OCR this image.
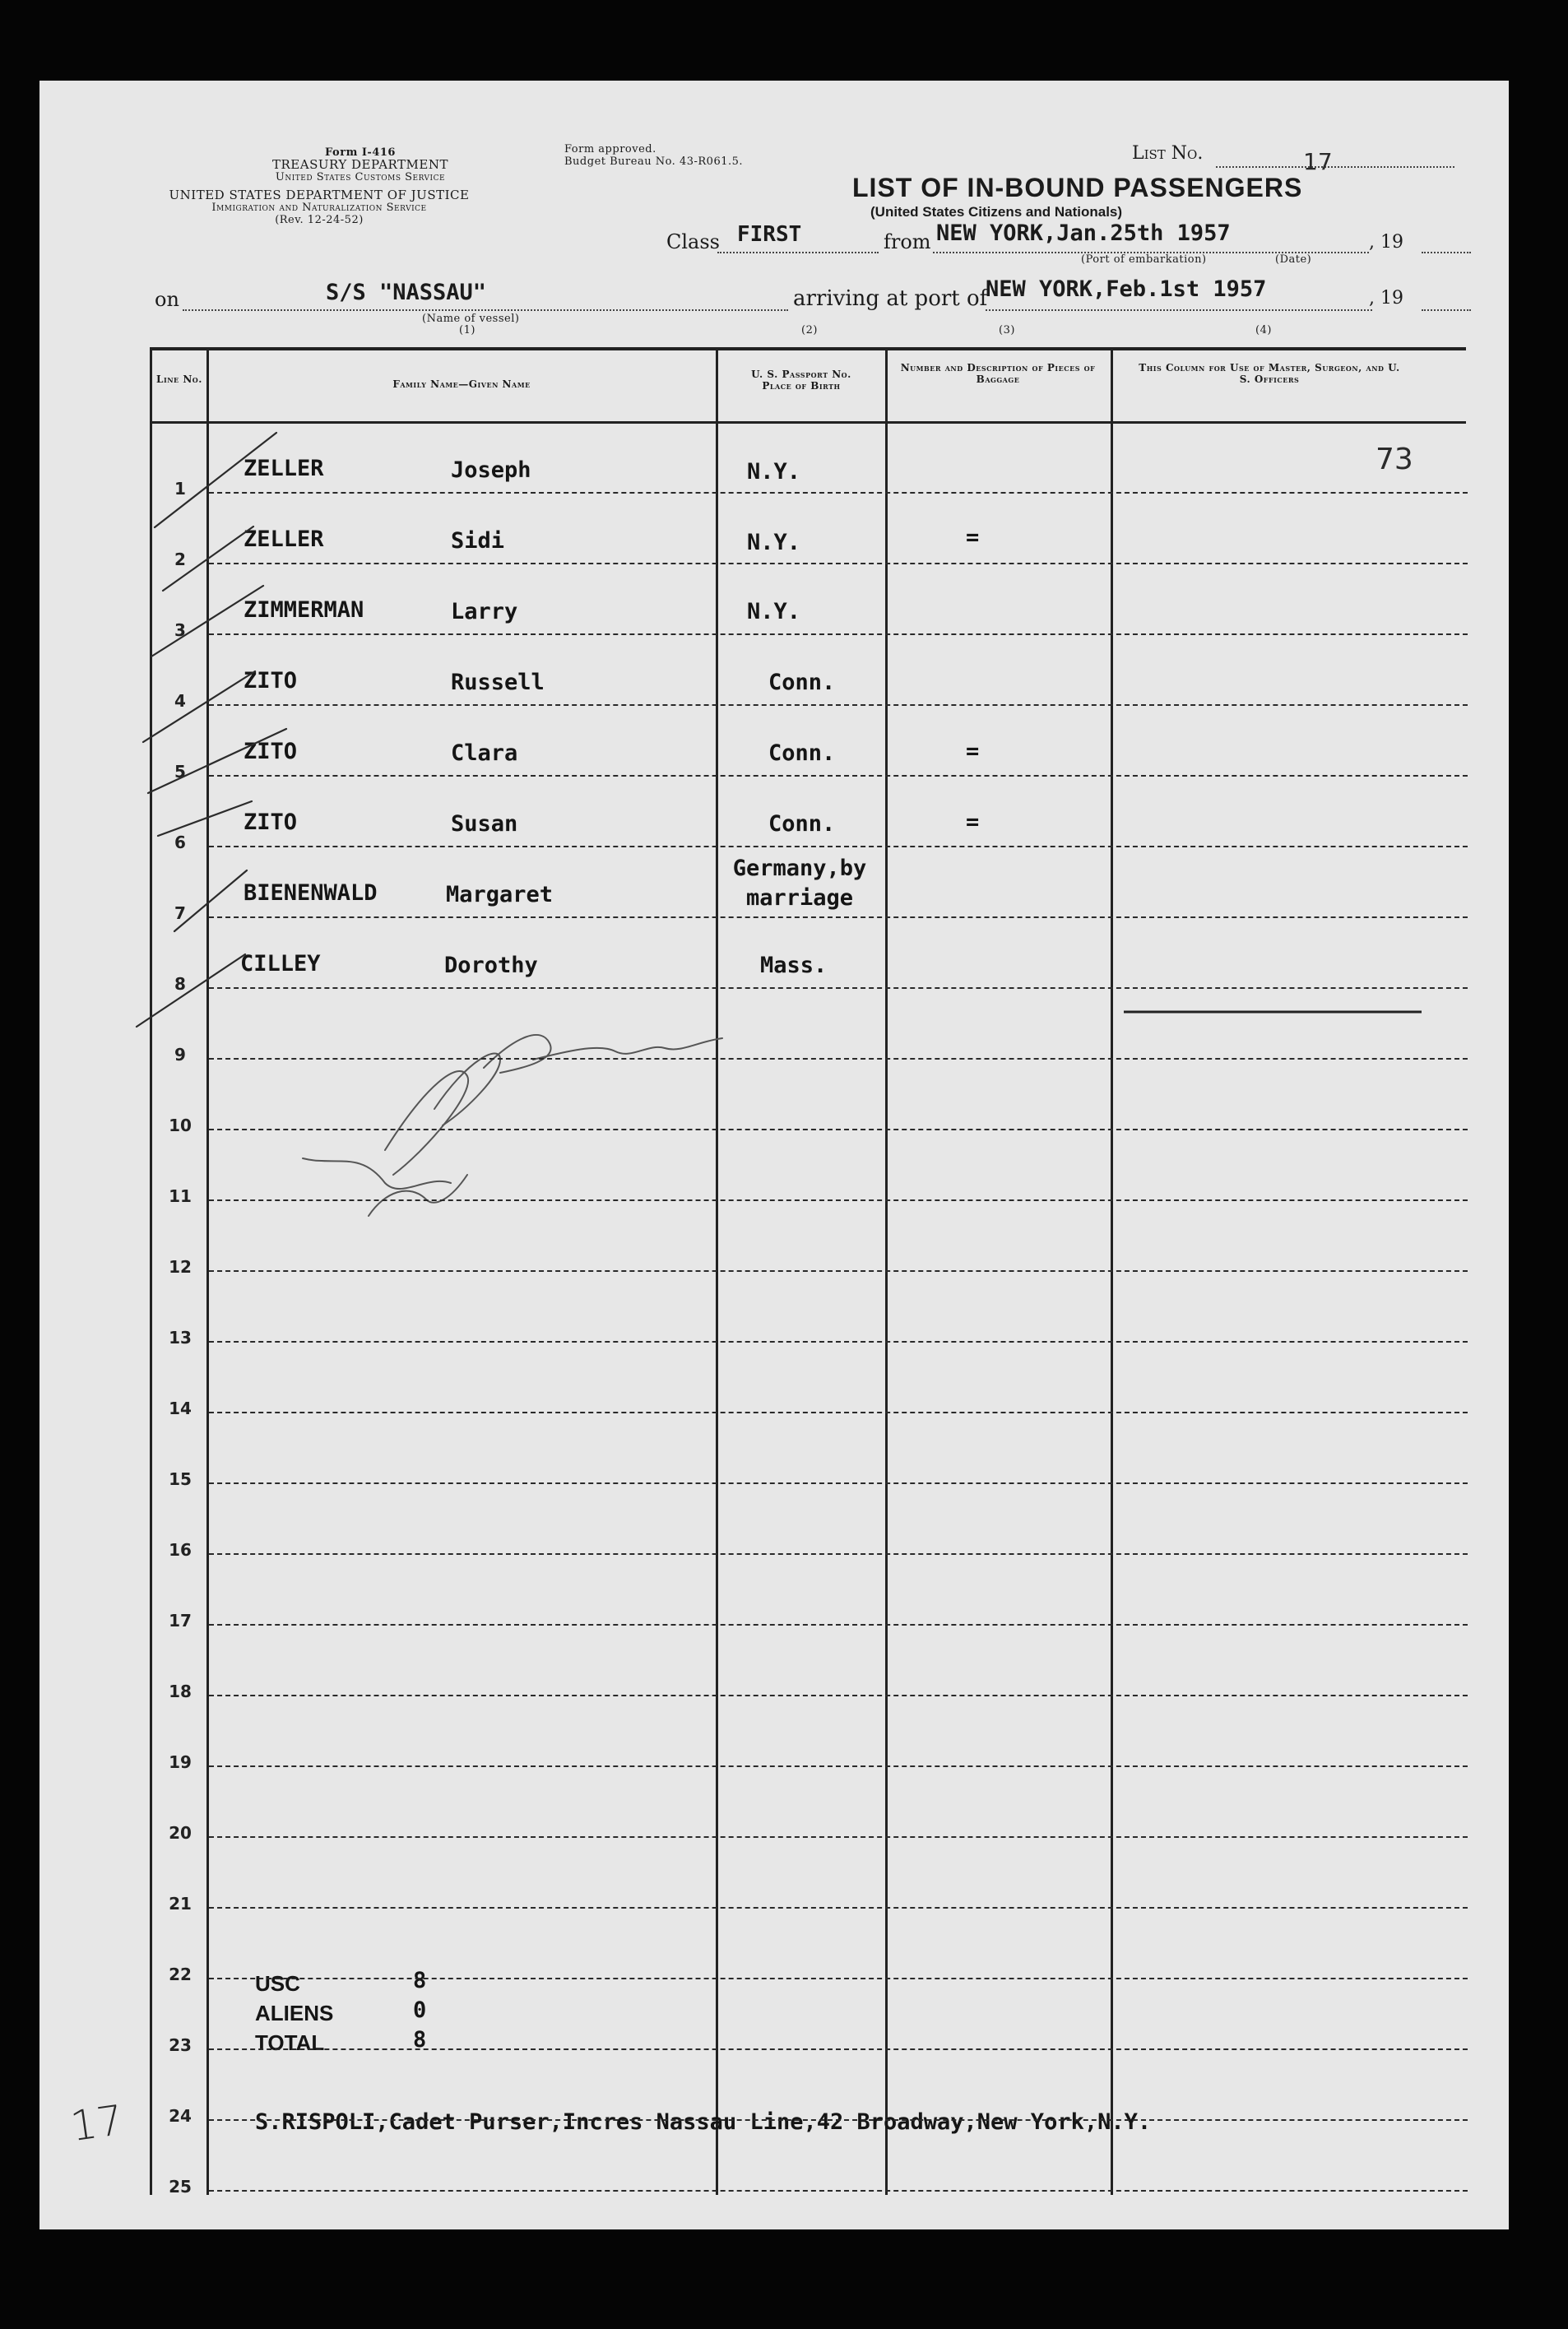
Form I-416
TREASURY DEPARTMENT
United States Customs Service
UNITED STATES DEPARTMENT OF JUSTICE
Immigration and Naturalization Service
(Rev. 12-24-52)
Form approved.
Budget Bureau No. 43-R061.5.	List No.	17
LIST OF IN-BOUND PASSENGERS
(United States Citizens and Nationals)
Class FIRST	from NEW YORK,Jan.25th 1957	, 19
(Port of embarkation)	(Date)
on	S/S "NASSAU"
(Name of vessel)
(1)
arriving at port of
NEW YORK,Feb.1st 1957	, 19
(2)	(3)	(4)
Line No.	Family Name—Given Name
U. S. Passport No. Place of Birth
Number and Description of Pieces of Baggage
This Column for Use of Master, Surgeon, and U. S. Officers
73
1
ZELLER	Joseph	N.Y.
2
ZELLER	Sidi	N.Y.	=
3
ZIMMERMAN	Larry	N.Y.
4
ZITO	Russell	Conn.
5
ZITO	Clara	Conn.	=
6
ZITO	Susan	Conn.	=
7
BIENENWALD	Margaret
Germany,by marriage
8
CILLEY	Dorothy	Mass.
9
10
11
12
13
14
15
16
17
18
19
20
21
22
23
24
25
USC	8
ALIENS	0
TOTAL	8
S.RISPOLI,Cadet Purser,Incres Nassau Line,42 Broadway,New York,N.Y.
17
